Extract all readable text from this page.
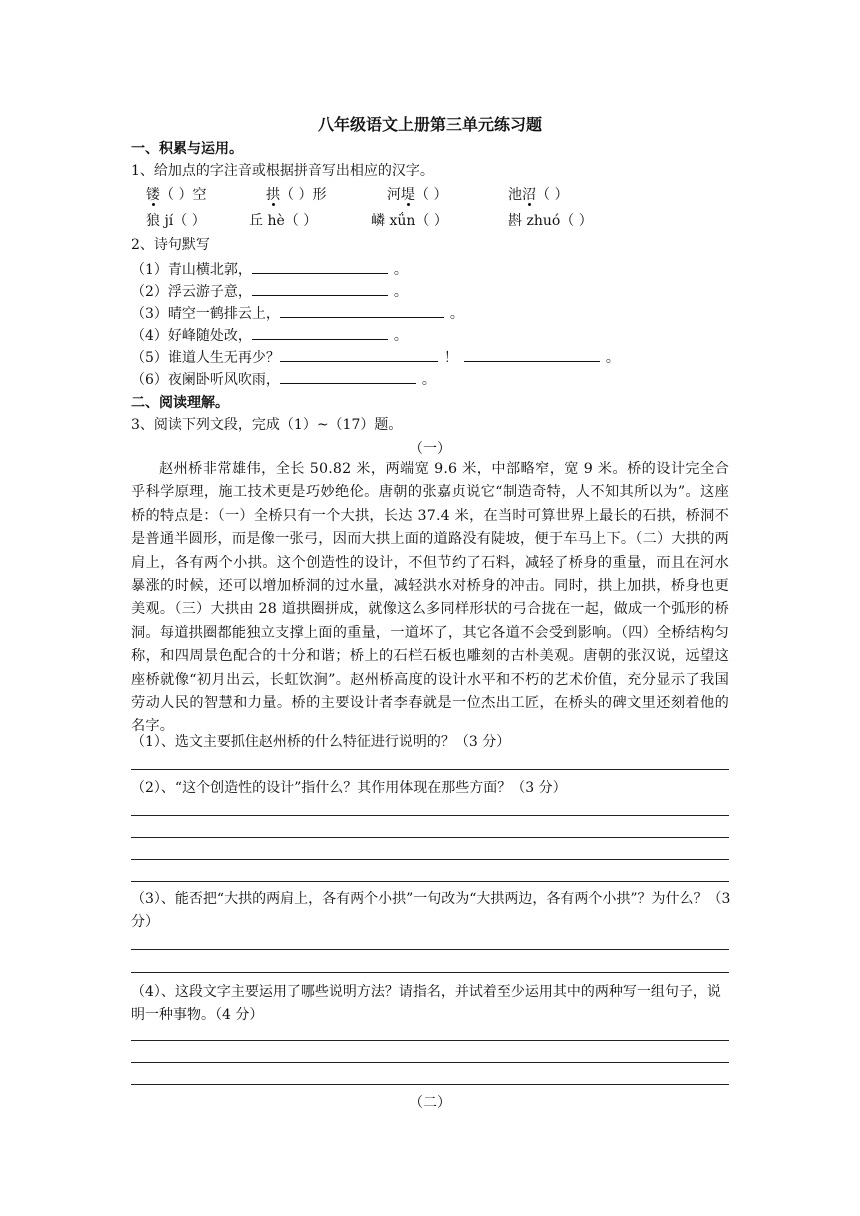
八年级语文上册第三单元练习题
一、积累与运用。
1、给加点的字注音或根据拼音写出相应的汉字。
镂（ ）空	拱（ ）形	河堤（ ）	池沼（ ）
狼 jí（ ）	丘 hè（ ）	嶙 xǘn（ ）	斟 zhuó（ ）
2、诗句默写
（1）青山横北郭，	。
（2）浮云游子意，	。
（3）晴空一鹤排云上，	。
（4）好峰随处改，	。
（5）谁道人生无再少？	！	。
（6）夜阑卧听风吹雨，	。
二、阅读理解。
3、阅读下列文段，完成（1）~（17）题。
（一）
赵州桥非常雄伟，全长 50.82 米，两端宽 9.6 米，中部略窄，宽 9 米。桥的设计完全合乎科学原理，施工技术更是巧妙绝伦。唐朝的张嘉贞说它“制造奇特，人不知其所以为”。这座桥的特点是：（一）全桥只有一个大拱，长达 37.4 米，在当时可算世界上最长的石拱，桥洞不是普通半圆形，而是像一张弓，因而大拱上面的道路没有陡坡，便于车马上下。（二）大拱的两肩上，各有两个小拱。这个创造性的设计，不但节约了石料，减轻了桥身的重量，而且在河水暴涨的时候，还可以增加桥洞的过水量，减轻洪水对桥身的冲击。同时，拱上加拱，桥身也更美观。（三）大拱由 28 道拱圈拼成，就像这么多同样形状的弓合拢在一起，做成一个弧形的桥洞。每道拱圈都能独立支撑上面的重量，一道坏了，其它各道不会受到影响。（四）全桥结构匀称，和四周景色配合的十分和谐；桥上的石栏石板也雕刻的古朴美观。唐朝的张汉说，远望这座桥就像“初月出云，长虹饮涧”。赵州桥高度的设计水平和不朽的艺术价值，充分显示了我国劳动人民的智慧和力量。桥的主要设计者李春就是一位杰出工匠，在桥头的碑文里还刻着他的名字。
（1）、选文主要抓住赵州桥的什么特征进行说明的？（3 分）
（2）、“这个创造性的设计”指什么？其作用体现在那些方面？（3 分）
（3）、能否把“大拱的两肩上，各有两个小拱”一句改为“大拱两边，各有两个小拱”？为什么？（3 分）
（4）、这段文字主要运用了哪些说明方法？请指名，并试着至少运用其中的两种写一组句子，说明一种事物。（4 分）
（二）
